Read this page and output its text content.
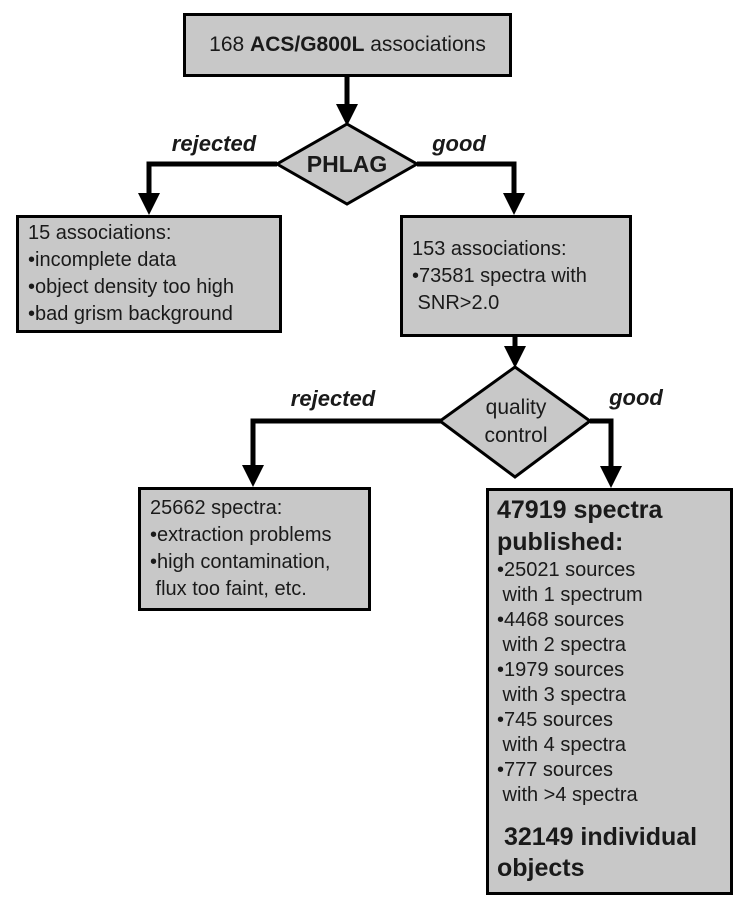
168 ACS/G800L associations
PHLAG
quality
control
rejected	good
rejected	good
15 associations:
•incomplete data
•object density too high
•bad grism background
153 associations:
•73581 spectra with
SNR>2.0
25662 spectra:
•extraction problems
•high contamination,
flux too faint, etc.
47919 spectra published:
•25021 sources
with 1 spectrum
•4468 sources
with 2 spectra
•1979 sources
with 3 spectra
•745 sources
with 4 spectra
•777 sources
with >4 spectra
32149 individual objects
